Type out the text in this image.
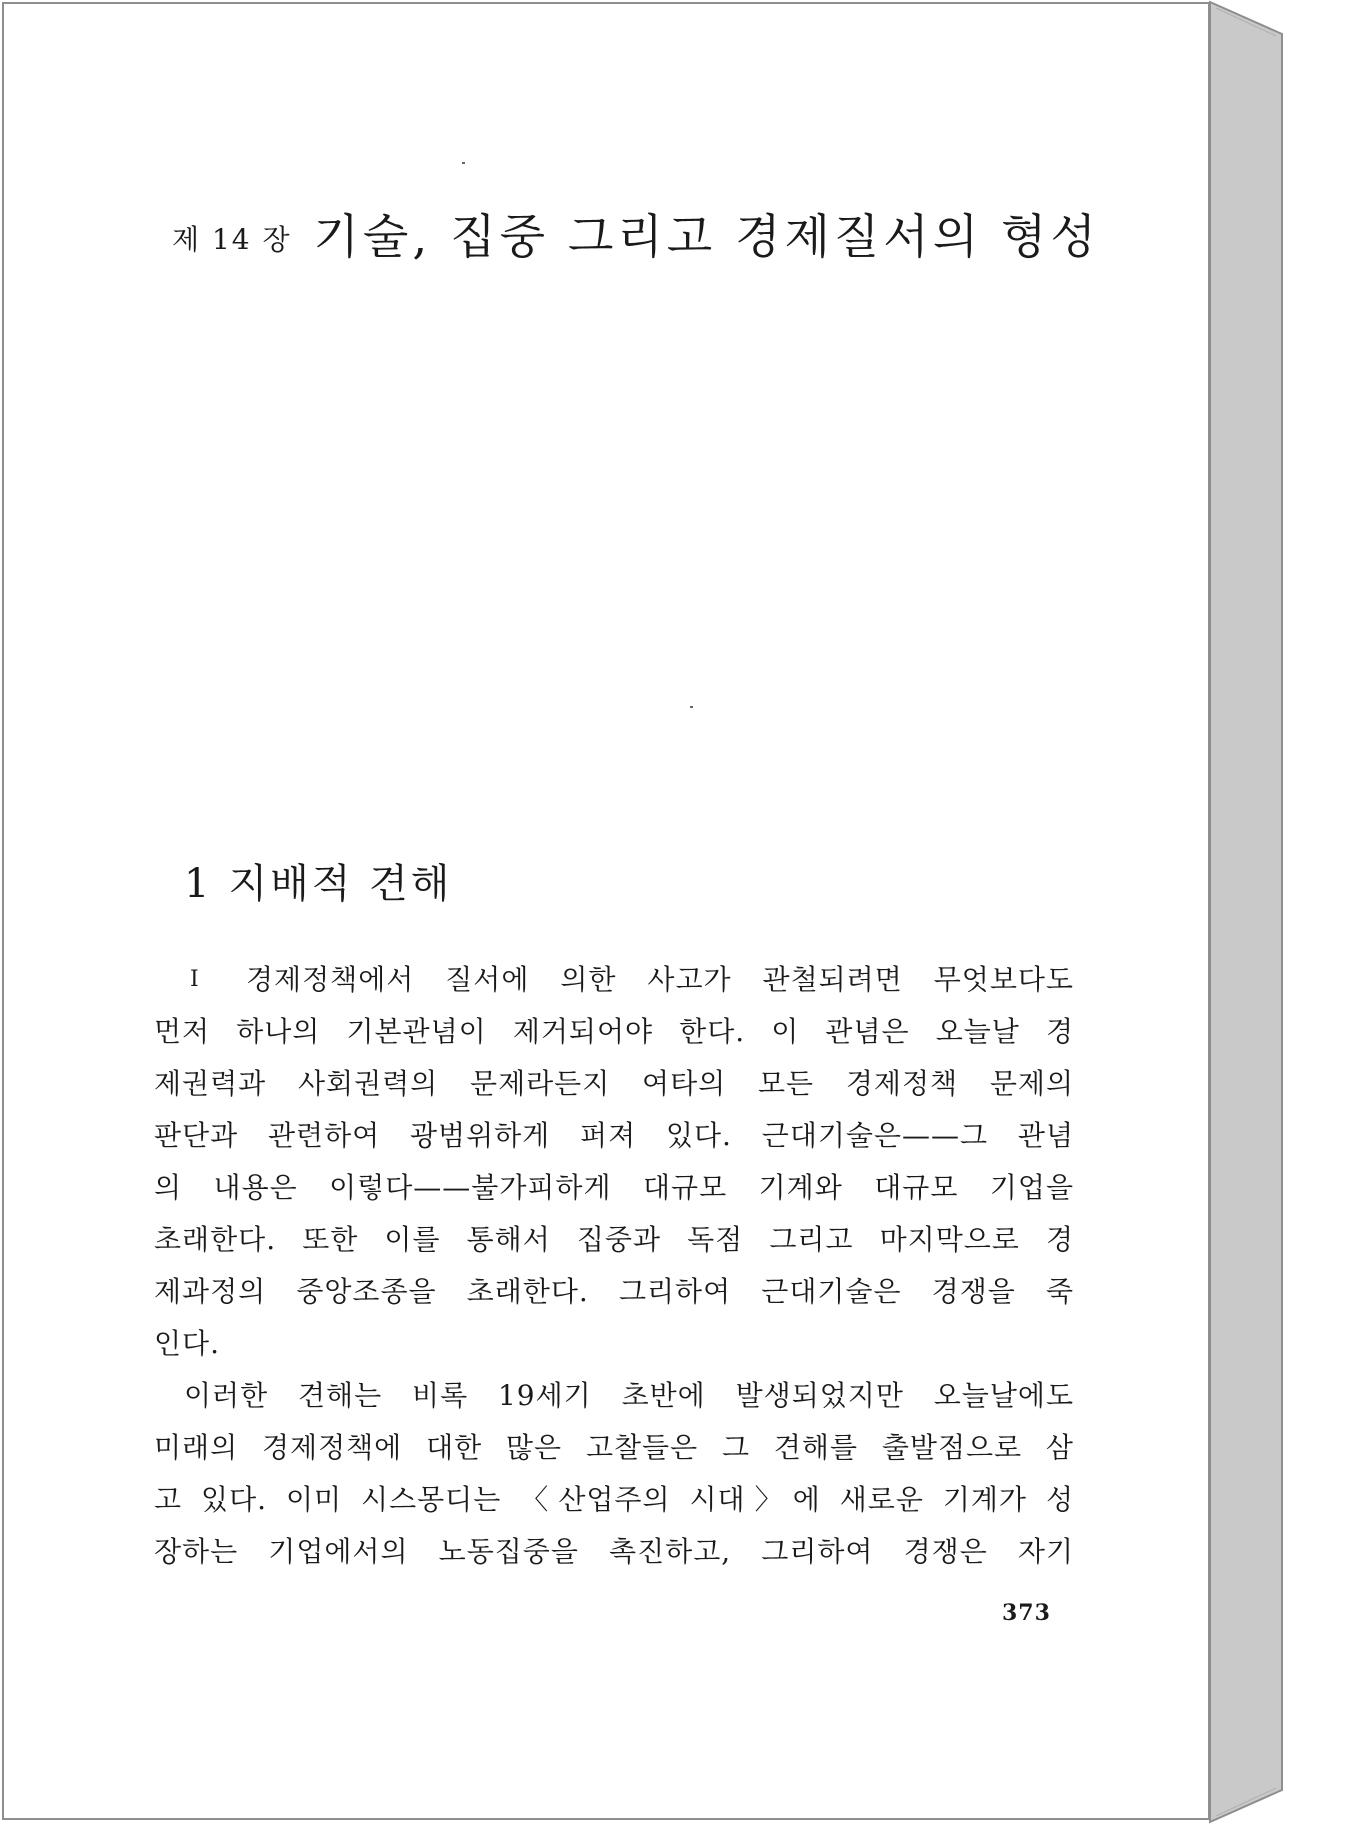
제 14 장 기술, 집중 그리고 경제질서의 형성
1 지배적 견해
I	경제정책에서 질서에 의한 사고가 관철되려면 무엇보다도
먼저 하나의 기본관념이 제거되어야 한다. 이 관념은 오늘날 경
제권력과 사회권력의 문제라든지 여타의 모든 경제정책 문제의
판단과 관련하여 광범위하게 퍼져 있다. 근대기술은——그 관념
의 내용은 이렇다——불가피하게 대규모 기계와 대규모 기업을
초래한다. 또한 이를 통해서 집중과 독점 그리고 마지막으로 경
제과정의 중앙조종을 초래한다. 그리하여 근대기술은 경쟁을 죽
인다.
이러한 견해는 비록 19세기 초반에 발생되었지만 오늘날에도
미래의 경제정책에 대한 많은 고찰들은 그 견해를 출발점으로 삼
고 있다. 이미 시스몽디는 〈산업주의 시대〉에 새로운 기계가 성
장하는 기업에서의 노동집중을 촉진하고, 그리하여 경쟁은 자기
373
